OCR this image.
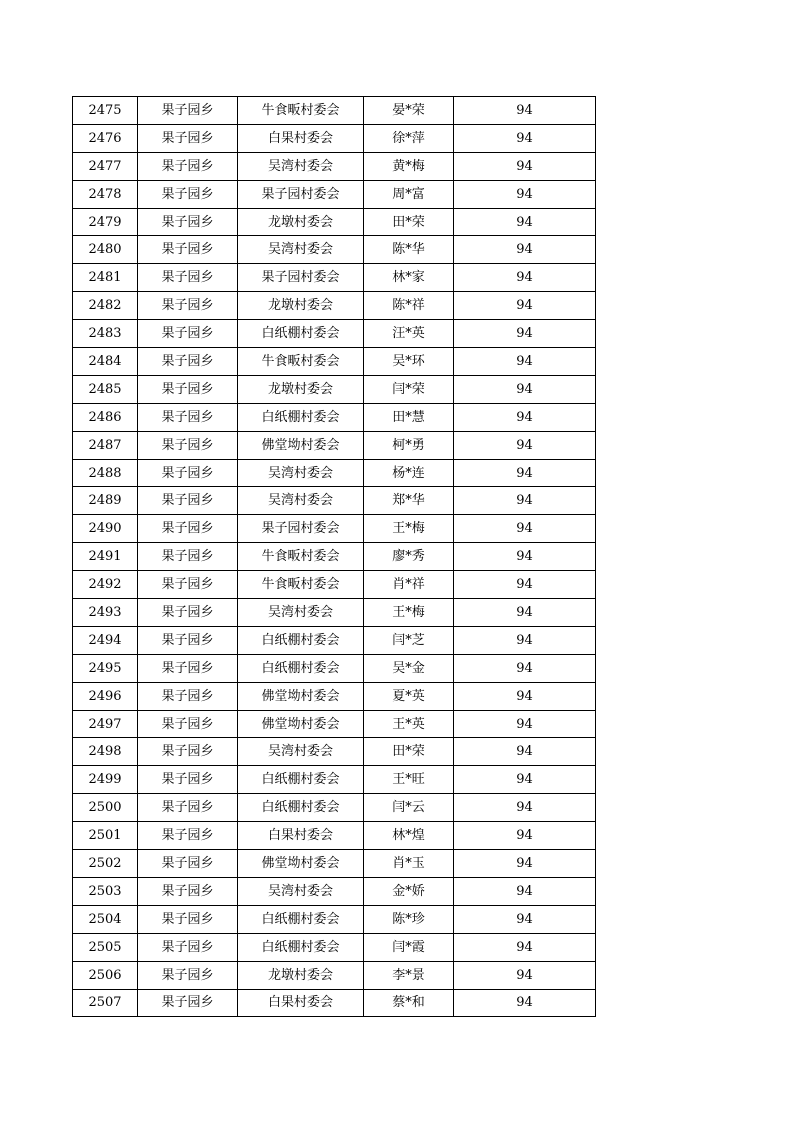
2475	果子园乡	牛食畈村委会	晏*荣	94
2476	果子园乡	白果村委会	徐*萍	94
2477	果子园乡	吴湾村委会	黄*梅	94
2478	果子园乡	果子园村委会	周*富	94
2479	果子园乡	龙墩村委会	田*荣	94
2480	果子园乡	吴湾村委会	陈*华	94
2481	果子园乡	果子园村委会	林*家	94
2482	果子园乡	龙墩村委会	陈*祥	94
2483	果子园乡	白纸棚村委会	汪*英	94
2484	果子园乡	牛食畈村委会	吴*环	94
2485	果子园乡	龙墩村委会	闫*荣	94
2486	果子园乡	白纸棚村委会	田*慧	94
2487	果子园乡	佛堂坳村委会	柯*勇	94
2488	果子园乡	吴湾村委会	杨*连	94
2489	果子园乡	吴湾村委会	郑*华	94
2490	果子园乡	果子园村委会	王*梅	94
2491	果子园乡	牛食畈村委会	廖*秀	94
2492	果子园乡	牛食畈村委会	肖*祥	94
2493	果子园乡	吴湾村委会	王*梅	94
2494	果子园乡	白纸棚村委会	闫*芝	94
2495	果子园乡	白纸棚村委会	吴*金	94
2496	果子园乡	佛堂坳村委会	夏*英	94
2497	果子园乡	佛堂坳村委会	王*英	94
2498	果子园乡	吴湾村委会	田*荣	94
2499	果子园乡	白纸棚村委会	王*旺	94
2500	果子园乡	白纸棚村委会	闫*云	94
2501	果子园乡	白果村委会	林*煌	94
2502	果子园乡	佛堂坳村委会	肖*玉	94
2503	果子园乡	吴湾村委会	金*娇	94
2504	果子园乡	白纸棚村委会	陈*珍	94
2505	果子园乡	白纸棚村委会	闫*霞	94
2506	果子园乡	龙墩村委会	李*景	94
2507	果子园乡	白果村委会	蔡*和	94
